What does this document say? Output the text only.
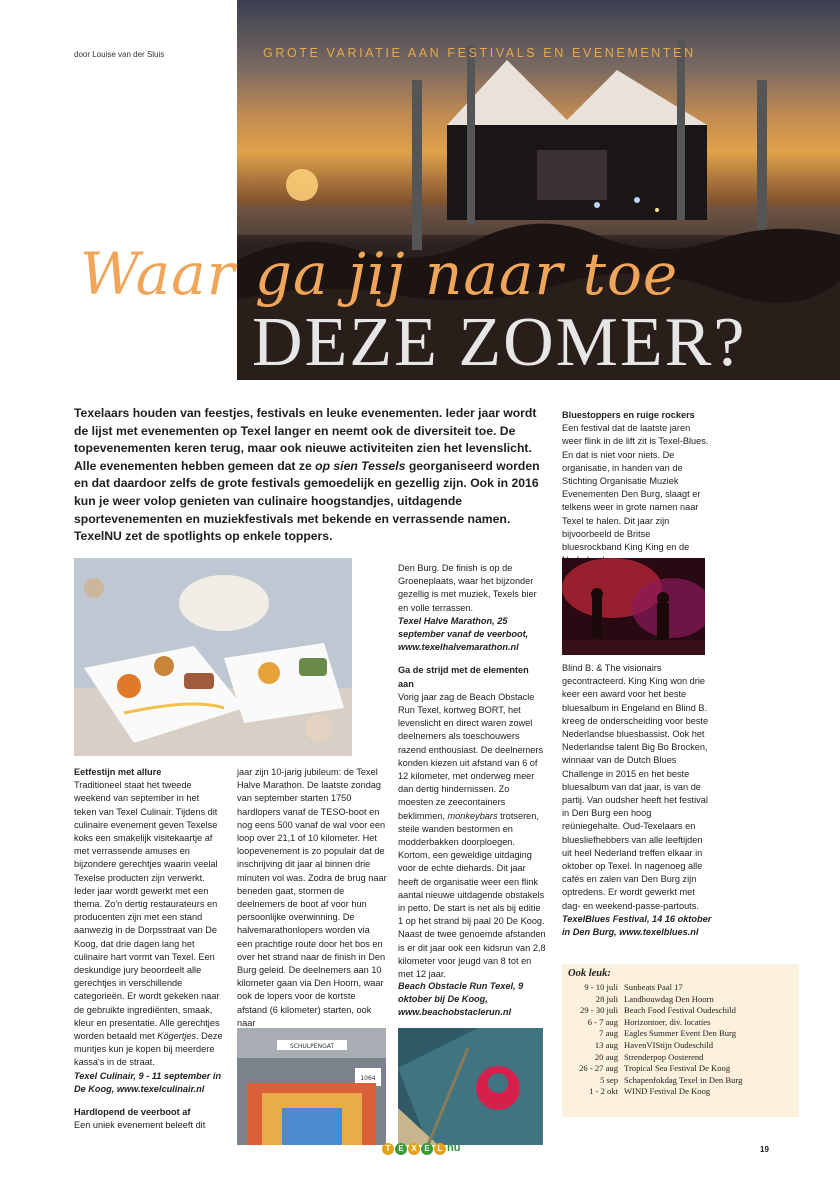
door Louise van der Sluis	GROTE VARIATIE AAN FESTIVALS EN EVENEMENTEN
Waar ga jij naar toe
DEZE ZOMER?
Texelaars houden van feestjes, festivals en leuke evenementen. Ieder jaar wordt de lijst met evenementen op Texel langer en neemt ook de diversiteit toe. De topevenementen keren terug, maar ook nieuwe activiteiten zien het levenslicht. Alle evenementen hebben gemeen dat ze op sien Tessels georganiseerd worden en dat daardoor zelfs de grote festivals gemoedelijk en gezellig zijn. Ook in 2016 kun je weer volop genieten van culinaire hoogstandjes, uitdagende sportevenementen en muziekfestivals met bekende en verrassende namen. TexelNU zet de spotlights op enkele toppers.
Eetfestijn met allure

Traditioneel staat het tweede weekend van september in het teken van Texel Culinair. Tijdens dit culinaire evenement geven Texelse koks een smakelijk visitekaartje af met verrassende amuses en bijzondere gerechtjes waarin veelal Texelse producten zijn verwerkt. Ieder jaar wordt gewerkt met een thema. Zo'n dertig restaurateurs en producenten zijn met een stand aanwezig in de Dorpsstraat van De Koog, dat drie dagen lang het culinaire hart vormt van Texel. Een deskundige jury beoordeelt alle gerechtjes in verschillende categorieën. Er wordt gekeken naar de gebruikte ingrediënten, smaak, kleur en presentatie. Alle gerechtjes worden betaald met Kögertjes. Deze muntjes kun je kopen bij meerdere kassa's in de straat.

Texel Culinair, 9 - 11 september in De Koog, www.texelculinair.nl

Hardlopend de veerboot af

Een uniek evenement beleeft dit

jaar zijn 10-jarig jubileum: de Texel Halve Marathon. De laatste zondag van september starten 1750 hardlopers vanaf de TESO-boot en nog eens 500 vanaf de wal voor een loop over 21,1 of 10 kilometer. Het loopevenement is zo populair dat de inschrijving dit jaar al binnen drie minuten vol was. Zodra de brug naar beneden gaat, stormen de deelnemers de boot af voor hun persoonlijke overwinning. De halvemarathonlopers worden via een prachtige route door het bos en over het strand naar de finish in Den Burg geleid. De deelnemers aan 10 kilometer gaan via Den Hoorn, waar ook de lopers voor de kortste afstand (6 kilometer) starten, ook naar

SCHULPENGAT
1064

Den Burg. De finish is op de Groeneplaats, waar het bijzonder gezellig is met muziek, Texels bier en volle terrassen.

Texel Halve Marathon, 25 september vanaf de veerboot, www.texelhalvemarathon.nl

Ga de strijd met de elementen aan

Vorig jaar zag de Beach Obstacle Run Texel, kortweg BORT, het levenslicht en direct waren zowel deelnemers als toeschouwers razend enthousiast. De deelnemers konden kiezen uit afstand van 6 of 12 kilometer, met onderweg meer dan dertig hindernissen. Zo moesten ze zeecontainers beklimmen, monkeybars trotseren, steile wanden bestormen en modderbakken doorploegen. Kortom, een geweldige uitdaging voor de echte diehards. Dit jaar heeft de organisatie weer een flink aantal nieuwe uitdagende obstakels in petto. De start is net als bij editie 1 op het strand bij paal 20 De Koog. Naast de twee genoemde afstanden is er dit jaar ook een kidsrun van 2,8 kilometer voor jeugd van 8 tot en met 12 jaar.

Beach Obstacle Run Texel, 9 oktober bij De Koog, www.beachobstaclerun.nl

Bluestoppers en ruige rockers

Een festival dat de laatste jaren weer flink in de lift zit is Texel-Blues. En dat is niet voor niets. De organisatie, in handen van de Stichting Organisatie Muziek Evenementen Den Burg, slaagt er telkens weer in grote namen naar Texel te halen. Dit jaar zijn bijvoorbeeld de Britse bluesrockband King King en de

Blind B. & The visionairs gecontracteerd. King King won drie keer een award voor het beste bluesalbum in Engeland en Blind B. kreeg de onderscheiding voor beste Nederlandse bluesbassist. Ook het Nederlandse talent Big Bo Brocken, winnaar van de Dutch Blues Challenge in 2015 en het beste bluesalbum van dat jaar, is van de partij. Van oudsher heeft het festival in Den Burg een hoog reüniegehalte. Oud-Texelaars en bluesliefhebbers van alle leeftijden uit heel Nederland treffen elkaar in oktober op Texel. In nagenoeg alle cafés en zalen van Den Burg zijn optredens. Er wordt gewerkt met dag- en weekend-passe-partouts.

TexelBlues Festival, 14 16 oktober in Den Burg, www.texelblues.nl

Ook leuk:
9 - 10 juli	Sunbeats Paal 17
28 juli	Landbouwdag Den Hoorn
29 - 30 juli	Beach Food Festival Oudeschild
6 - 7 aug	Horizontoer, div. locaties
7 aug	Eagles Summer Event Den Burg
13 aug	HavenVIStijn Oudeschild
20 aug	Strenderpop Oosterend
26 - 27 aug	Tropical Sea Festival De Koog
5 sep	Schapenfokdag Texel in Den Burg
1 - 2 okt	WIND Festival De Koog
T E X E L nu	19
